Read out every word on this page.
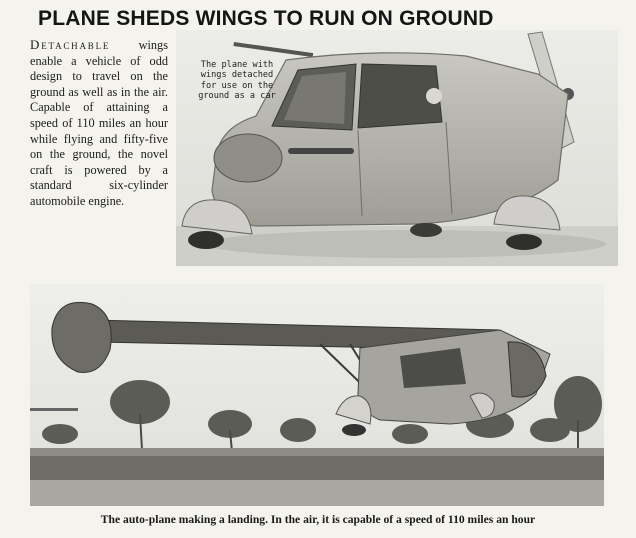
PLANE SHEDS WINGS TO RUN ON GROUND
Detachable wings enable a vehicle of odd design to travel on the ground as well as in the air. Capable of attaining a speed of 110 miles an hour while flying and fifty-five on the ground, the novel craft is powered by a standard six-cylinder automobile engine.
The plane with
wings detached
for use on the
ground as a car
The auto-plane making a landing. In the air, it is capable of a speed of 110 miles an hour
